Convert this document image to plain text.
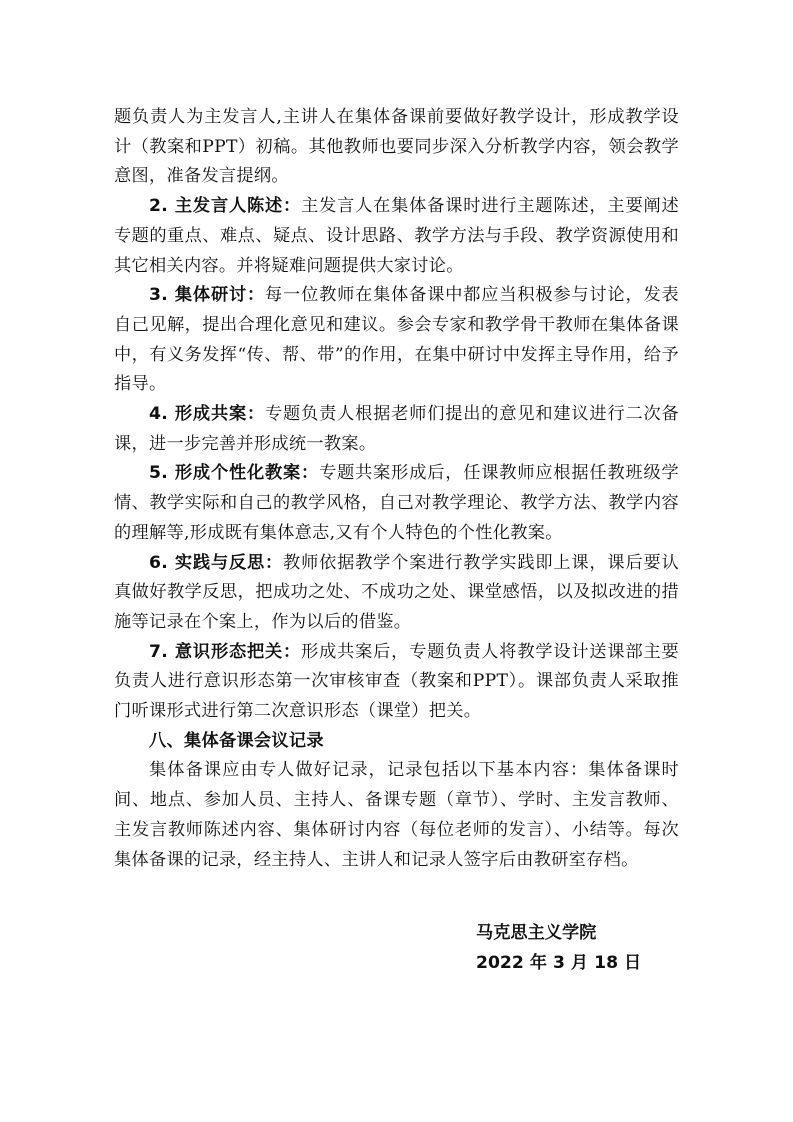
题负责人为主发言人,主讲人在集体备课前要做好教学设计，形成教学设计（教案和PPT）初稿。其他教师也要同步深入分析教学内容，领会教学意图，准备发言提纲。

2. 主发言人陈述：主发言人在集体备课时进行主题陈述，主要阐述专题的重点、难点、疑点、设计思路、教学方法与手段、教学资源使用和其它相关内容。并将疑难问题提供大家讨论。

3. 集体研讨：每一位教师在集体备课中都应当积极参与讨论，发表自己见解，提出合理化意见和建议。参会专家和教学骨干教师在集体备课中，有义务发挥“传、帮、带”的作用，在集中研讨中发挥主导作用，给予指导。

4. 形成共案：专题负责人根据老师们提出的意见和建议进行二次备课，进一步完善并形成统一教案。

5. 形成个性化教案：专题共案形成后，任课教师应根据任教班级学情、教学实际和自己的教学风格，自己对教学理论、教学方法、教学内容的理解等,形成既有集体意志,又有个人特色的个性化教案。

6. 实践与反思：教师依据教学个案进行教学实践即上课，课后要认真做好教学反思，把成功之处、不成功之处、课堂感悟，以及拟改进的措施等记录在个案上，作为以后的借鉴。

7. 意识形态把关：形成共案后，专题负责人将教学设计送课部主要负责人进行意识形态第一次审核审查（教案和PPT）。课部负责人采取推门听课形式进行第二次意识形态（课堂）把关。

八、集体备课会议记录

集体备课应由专人做好记录，记录包括以下基本内容：集体备课时间、地点、参加人员、主持人、备课专题（章节）、学时、主发言教师、主发言教师陈述内容、集体研讨内容（每位老师的发言）、小结等。每次集体备课的记录，经主持人、主讲人和记录人签字后由教研室存档。

马克思主义学院
2022 年 3 月 18 日
